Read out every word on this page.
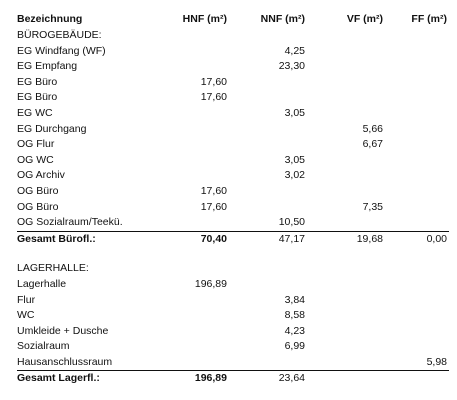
Bezeichnung	HNF (m²)	NNF (m²)	VF (m²)	FF (m²)
BÜROGEBÄUDE:				
EG Windfang (WF)		4,25		
EG Empfang		23,30		
EG Büro	17,60			
EG Büro	17,60			
EG WC		3,05		
EG Durchgang			5,66	
OG Flur			6,67	
OG WC		3,05		
OG Archiv		3,02		
OG Büro	17,60			
OG Büro	17,60		7,35	
OG Sozialraum/Teekü.		10,50		
Gesamt Bürofl.:	70,40	47,17	19,68	0,00

LAGERHALLE:				
Lagerhalle	196,89			
Flur		3,84		
WC		8,58		
Umkleide + Dusche		4,23		
Sozialraum		6,99		
Hausanschlussraum				5,98
Gesamt Lagerfl.:	196,89	23,64		
